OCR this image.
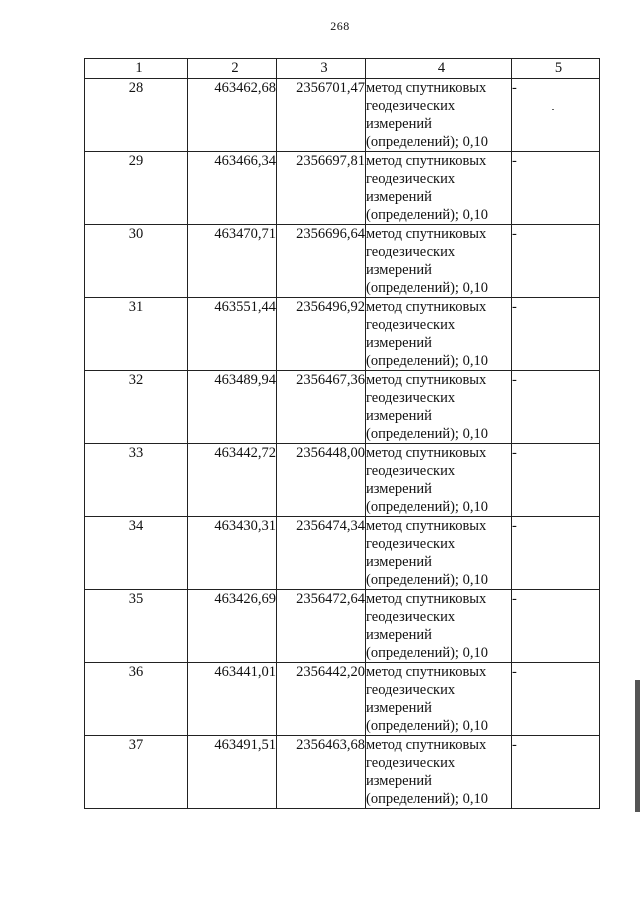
268
1	2	3	4	5
28	463462,68	2356701,47	метод спутниковых
геодезических
измерений
(определений); 0,10	-
29	463466,34	2356697,81	метод спутниковых
геодезических
измерений
(определений); 0,10	-
30	463470,71	2356696,64	метод спутниковых
геодезических
измерений
(определений); 0,10	-
31	463551,44	2356496,92	метод спутниковых
геодезических
измерений
(определений); 0,10	-
32	463489,94	2356467,36	метод спутниковых
геодезических
измерений
(определений); 0,10	-
33	463442,72	2356448,00	метод спутниковых
геодезических
измерений
(определений); 0,10	-
34	463430,31	2356474,34	метод спутниковых
геодезических
измерений
(определений); 0,10	-
35	463426,69	2356472,64	метод спутниковых
геодезических
измерений
(определений); 0,10	-
36	463441,01	2356442,20	метод спутниковых
геодезических
измерений
(определений); 0,10	-
37	463491,51	2356463,68	метод спутниковых
геодезических
измерений
(определений); 0,10	-
